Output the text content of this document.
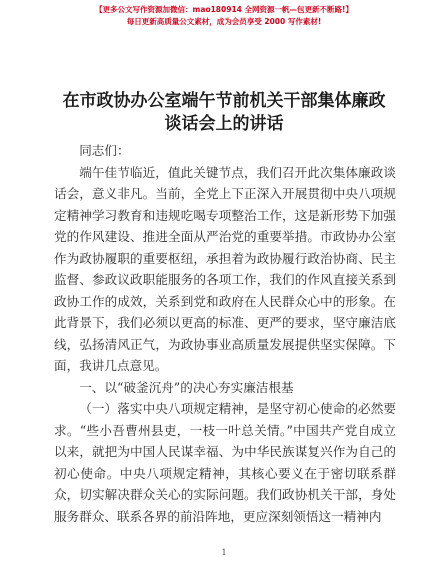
【更多公文写作资源加微信：mao180914 全网资源一帆—包更新不断路!】
每日更新高质量公文素材，成为会员享受 2000 写作素材!
在市政协办公室端午节前机关干部集体廉政谈话会上的讲话

同志们：

端午佳节临近，值此关键节点，我们召开此次集体廉政谈话会，意义非凡。当前，全党上下正深入开展贯彻中央八项规定精神学习教育和违规吃喝专项整治工作，这是新形势下加强党的作风建设、推进全面从严治党的重要举措。市政协办公室作为政协履职的重要枢纽，承担着为政协履行政治协商、民主监督、参政议政职能服务的各项工作，我们的作风直接关系到政协工作的成效，关系到党和政府在人民群众心中的形象。在此背景下，我们必须以更高的标准、更严的要求，坚守廉洁底线，弘扬清风正气，为政协事业高质量发展提供坚实保障。下面，我讲几点意见。

一、以“破釜沉舟”的决心夯实廉洁根基

（一）落实中央八项规定精神，是坚守初心使命的必然要求。“些小吾曹州县吏，一枝一叶总关情。”中国共产党自成立以来，就把为中国人民谋幸福、为中华民族谋复兴作为自己的初心使命。中央八项规定精神，其核心要义在于密切联系群众，切实解决群众关心的实际问题。我们政协机关干部，身处服务群众、联系各界的前沿阵地，更应深刻领悟这一精神内

1
